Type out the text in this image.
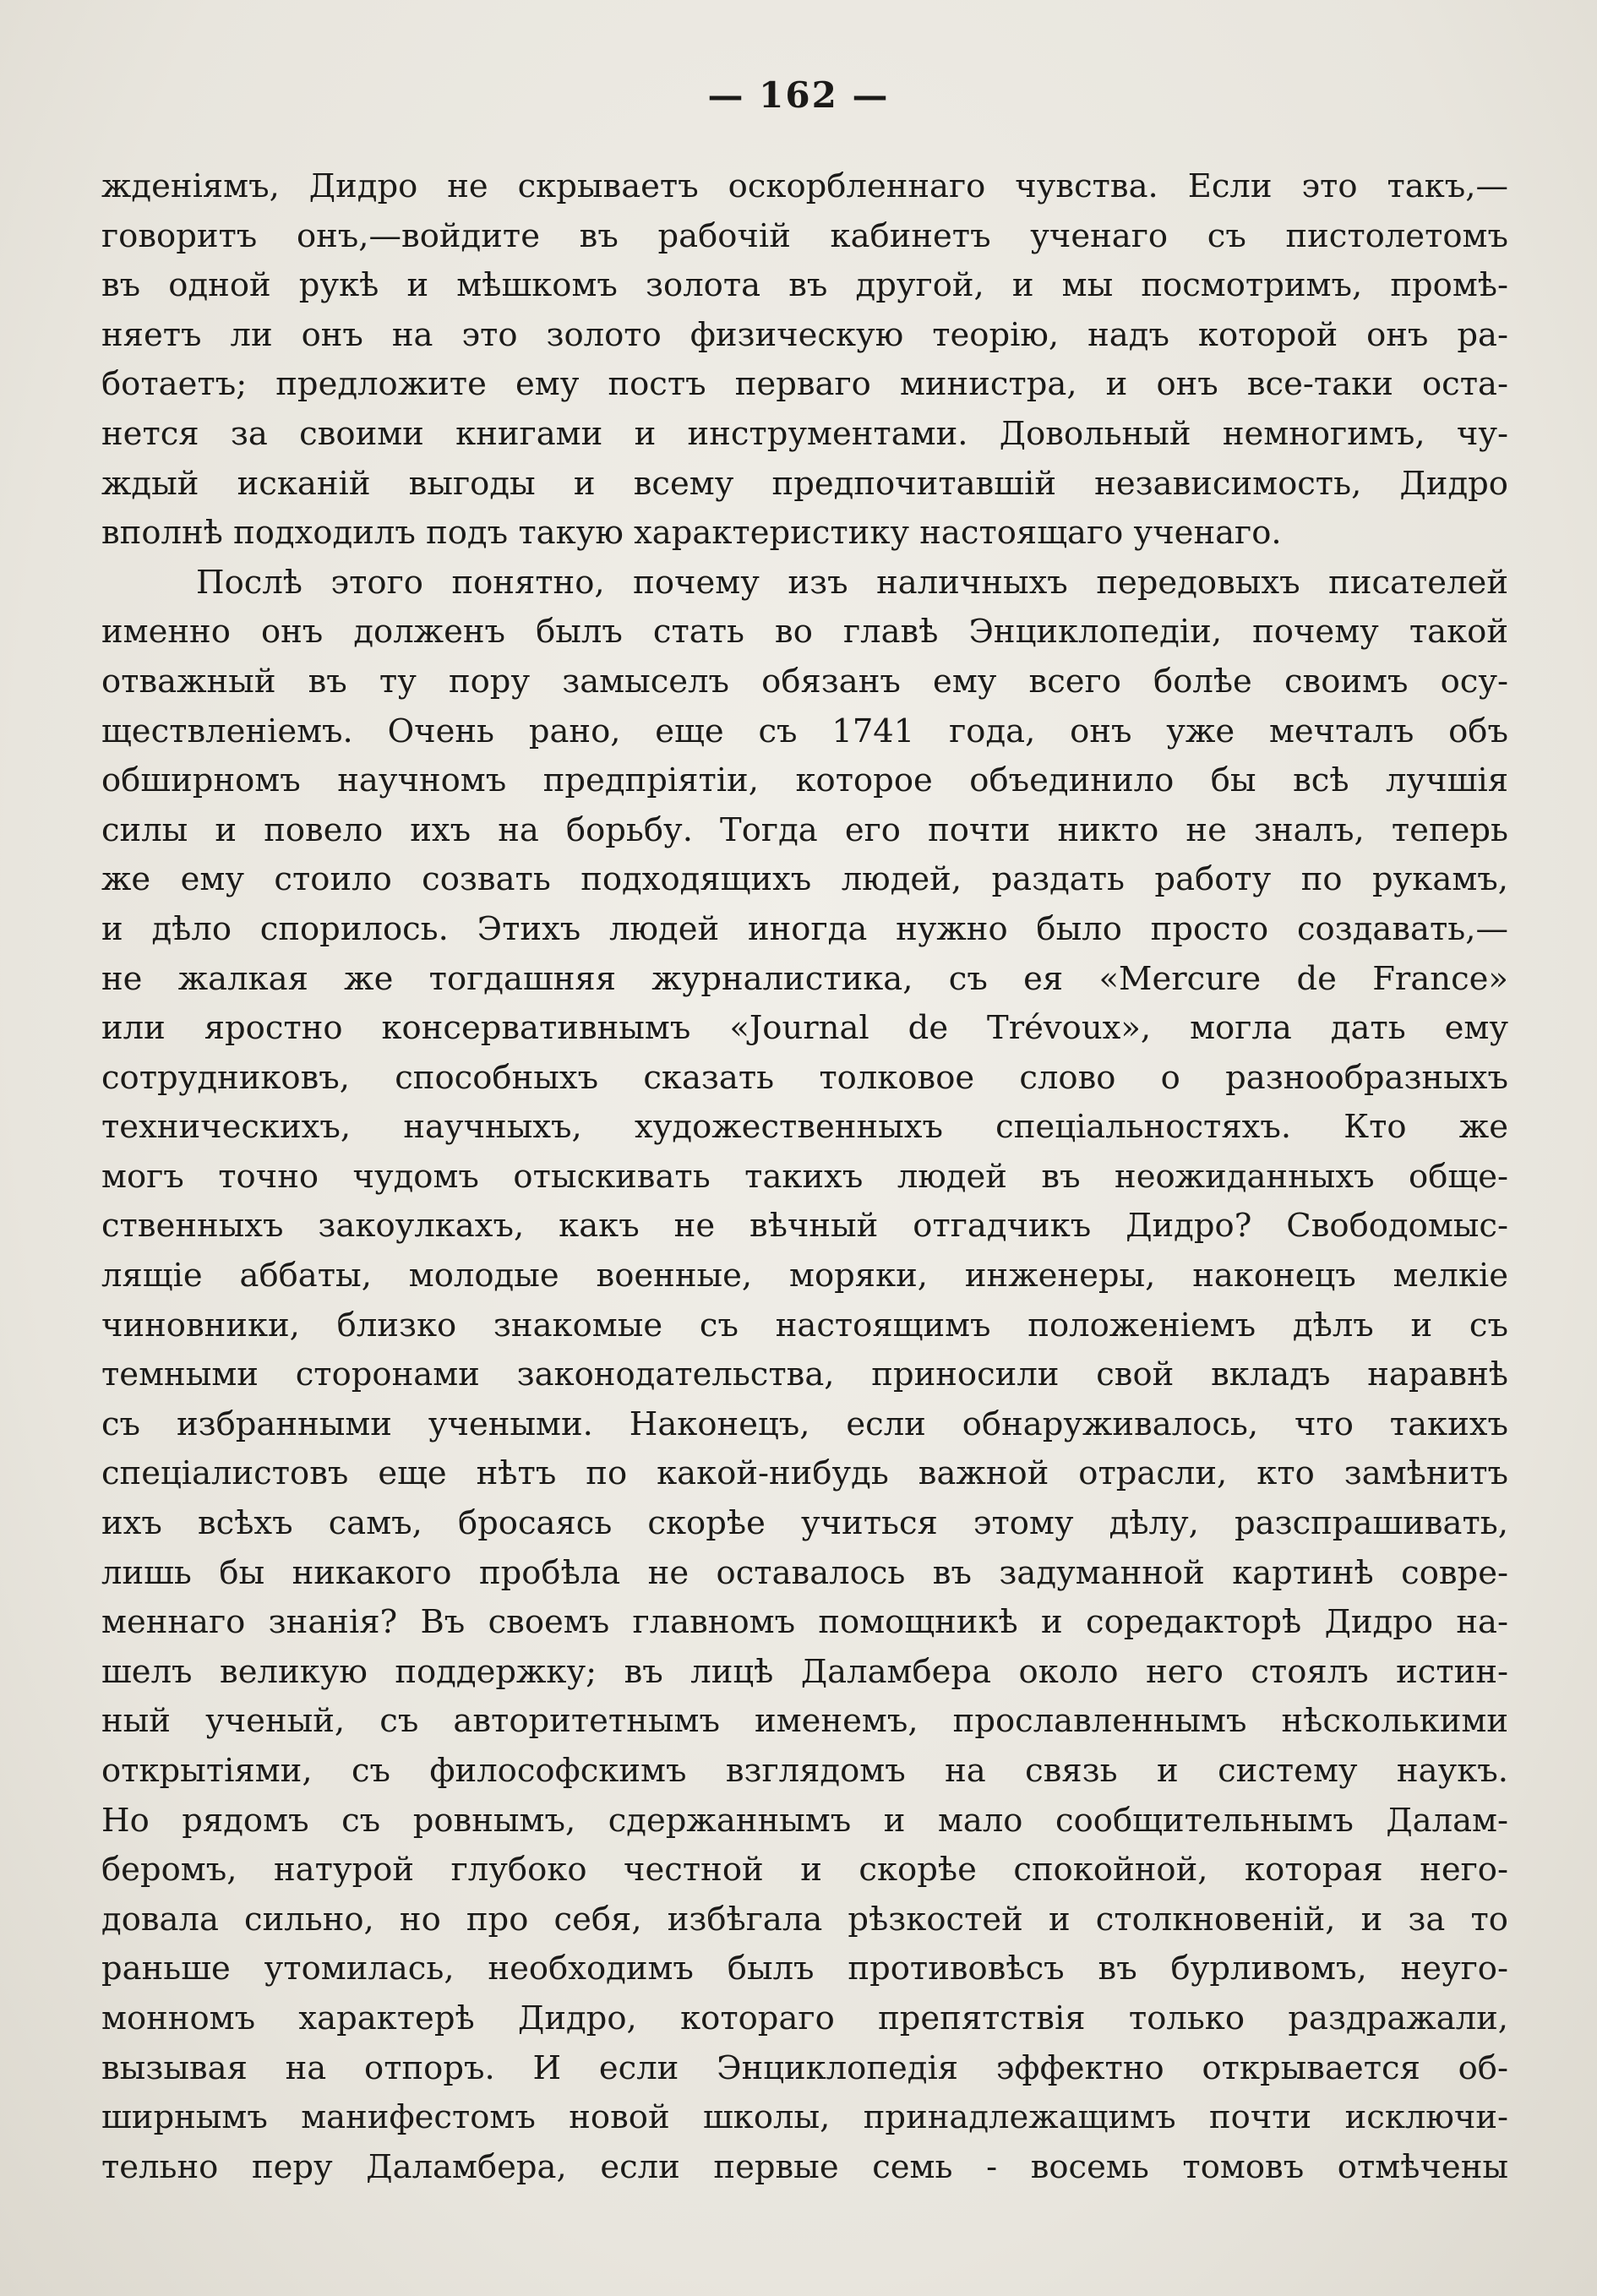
— 162 —
жденіямъ, Дидро не скрываетъ оскорбленнаго чувства. Если это такъ,—
говоритъ онъ,—войдите въ рабочій кабинетъ ученаго съ пистолетомъ
въ одной рукѣ и мѣшкомъ золота въ другой, и мы посмотримъ, промѣ-
няетъ ли онъ на это золото физическую теорію, надъ которой онъ ра-
ботаетъ; предложите ему постъ перваго министра, и онъ все-таки оста-
нется за своими книгами и инструментами. Довольный немногимъ, чу-
ждый исканій выгоды и всему предпочитавшій независимость, Дидро
вполнѣ подходилъ подъ такую характеристику настоящаго ученаго.
Послѣ этого понятно, почему изъ наличныхъ передовыхъ писателей
именно онъ долженъ былъ стать во главѣ Энциклопедіи, почему такой
отважный въ ту пору замыселъ обязанъ ему всего болѣе своимъ осу-
ществленіемъ. Очень рано, еще съ 1741 года, онъ уже мечталъ объ
обширномъ научномъ предпріятіи, которое объединило бы всѣ лучшія
силы и повело ихъ на борьбу. Тогда его почти никто не зналъ, теперь
же ему стоило созвать подходящихъ людей, раздать работу по рукамъ,
и дѣло спорилось. Этихъ людей иногда нужно было просто создавать,—
не жалкая же тогдашняя журналистика, съ ея «Mercure de France»
или яростно консервативнымъ «Journal de Trévoux», могла дать ему
сотрудниковъ, способныхъ сказать толковое слово о разнообразныхъ
техническихъ, научныхъ, художественныхъ спеціальностяхъ. Кто же
могъ точно чудомъ отыскивать такихъ людей въ неожиданныхъ обще-
ственныхъ закоулкахъ, какъ не вѣчный отгадчикъ Дидро? Свободомыс-
лящіе аббаты, молодые военные, моряки, инженеры, наконецъ мелкіе
чиновники, близко знакомые съ настоящимъ положеніемъ дѣлъ и съ
темными сторонами законодательства, приносили свой вкладъ наравнѣ
съ избранными учеными. Наконецъ, если обнаруживалось, что такихъ
спеціалистовъ еще нѣтъ по какой-нибудь важной отрасли, кто замѣнитъ
ихъ всѣхъ самъ, бросаясь скорѣе учиться этому дѣлу, разспрашивать,
лишь бы никакого пробѣла не оставалось въ задуманной картинѣ совре-
меннаго знанія? Въ своемъ главномъ помощникѣ и соредакторѣ Дидро на-
шелъ великую поддержку; въ лицѣ Даламбера около него стоялъ истин-
ный ученый, съ авторитетнымъ именемъ, прославленнымъ нѣсколькими
открытіями, съ философскимъ взглядомъ на связь и систему наукъ.
Но рядомъ съ ровнымъ, сдержаннымъ и мало сообщительнымъ Далам-
беромъ, натурой глубоко честной и скорѣе спокойной, которая него-
довала сильно, но про себя, избѣгала рѣзкостей и столкновеній, и за то
раньше утомилась, необходимъ былъ противовѣсъ въ бурливомъ, неуго-
монномъ характерѣ Дидро, котораго препятствія только раздражали,
вызывая на отпоръ. И если Энциклопедія эффектно открывается об-
ширнымъ манифестомъ новой школы, принадлежащимъ почти исключи-
тельно перу Даламбера, если первые семь - восемь томовъ отмѣчены
